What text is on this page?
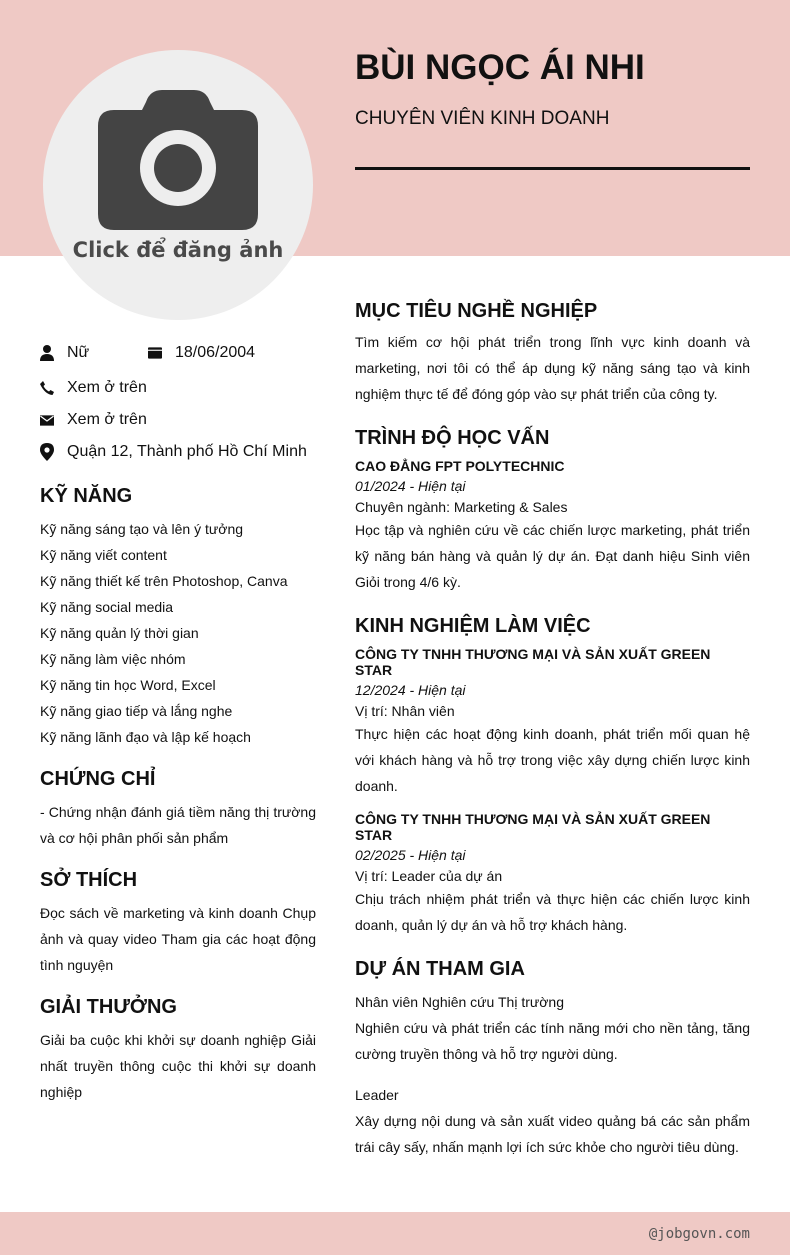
Click để đăng ảnh
BÙI NGỌC ÁI NHI
CHUYÊN VIÊN KINH DOANH
Nữ	18/06/2004
Xem ở trên
Xem ở trên
Quận 12, Thành phố Hồ Chí Minh
KỸ NĂNG
Kỹ năng sáng tạo và lên ý tưởng
Kỹ năng viết content
Kỹ năng thiết kế trên Photoshop, Canva
Kỹ năng social media
Kỹ năng quản lý thời gian
Kỹ năng làm việc nhóm
Kỹ năng tin học Word, Excel
Kỹ năng giao tiếp và lắng nghe
Kỹ năng lãnh đạo và lập kế hoạch
CHỨNG CHỈ
- Chứng nhận đánh giá tiềm năng thị trường và cơ hội phân phối sản phẩm
SỞ THÍCH
Đọc sách về marketing và kinh doanh Chụp ảnh và quay video Tham gia các hoạt động tình nguyện
GIẢI THƯỞNG
Giải ba cuộc khi khởi sự doanh nghiệp Giải nhất truyền thông cuộc thi khởi sự doanh nghiệp
MỤC TIÊU NGHỀ NGHIỆP
Tìm kiếm cơ hội phát triển trong lĩnh vực kinh doanh và marketing, nơi tôi có thể áp dụng kỹ năng sáng tạo và kinh nghiệm thực tế để đóng góp vào sự phát triển của công ty.
TRÌNH ĐỘ HỌC VẤN
CAO ĐẲNG FPT POLYTECHNIC
01/2024 - Hiện tại
Chuyên ngành: Marketing & Sales
Học tập và nghiên cứu về các chiến lược marketing, phát triển kỹ năng bán hàng và quản lý dự án. Đạt danh hiệu Sinh viên Giỏi trong 4/6 kỳ.
KINH NGHIỆM LÀM VIỆC
CÔNG TY TNHH THƯƠNG MẠI VÀ SẢN XUẤT GREEN STAR
12/2024 - Hiện tại
Vị trí: Nhân viên
Thực hiện các hoạt động kinh doanh, phát triển mối quan hệ với khách hàng và hỗ trợ trong việc xây dựng chiến lược kinh doanh.
CÔNG TY TNHH THƯƠNG MẠI VÀ SẢN XUẤT GREEN STAR
02/2025 - Hiện tại
Vị trí: Leader của dự án
Chịu trách nhiệm phát triển và thực hiện các chiến lược kinh doanh, quản lý dự án và hỗ trợ khách hàng.
DỰ ÁN THAM GIA
Nhân viên Nghiên cứu Thị trường
Nghiên cứu và phát triển các tính năng mới cho nền tảng, tăng cường truyền thông và hỗ trợ người dùng.
Leader
Xây dựng nội dung và sản xuất video quảng bá các sản phẩm trái cây sấy, nhấn mạnh lợi ích sức khỏe cho người tiêu dùng.
@jobgovn.com
